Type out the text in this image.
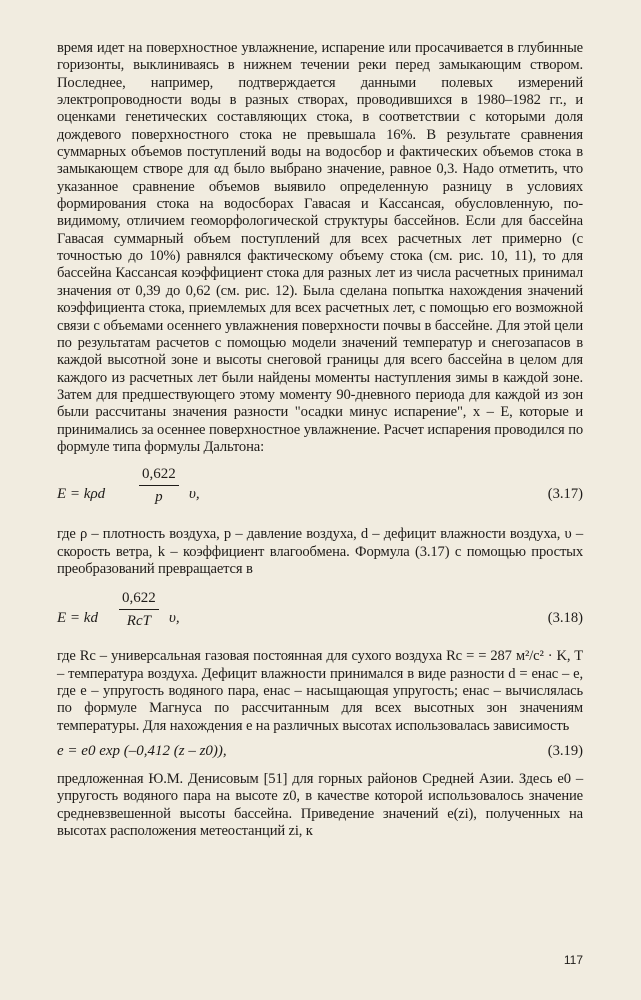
время идет на поверхностное увлажнение, испарение или просачивается в глубинные горизонты, выклиниваясь в нижнем течении реки перед замыкающим створом. Последнее, например, подтверждается данными полевых измерений электропроводности воды в разных створах, проводившихся в 1980–1982 гг., и оценками генетических составляющих стока, в соответствии с которыми доля дождевого поверхностного стока не превышала 16%. В результате сравнения суммарных объемов поступлений воды на водосбор и фактических объемов стока в замыкающем створе для αд было выбрано значение, равное 0,3. Надо отметить, что указанное сравнение объемов выявило определенную разницу в условиях формирования стока на водосборах Гавасая и Кассансая, обусловленную, по-видимому, отличием геоморфологической структуры бассейнов. Если для бассейна Гавасая суммарный объем поступлений для всех расчетных лет примерно (с точностью до 10%) равнялся фактическому объему стока (см. рис. 10, 11), то для бассейна Кассансая коэффициент стока для разных лет из числа расчетных принимал значения от 0,39 до 0,62 (см. рис. 12). Была сделана попытка нахождения значений коэффициента стока, приемлемых для всех расчетных лет, с помощью его возможной связи с объемами осеннего увлажнения поверхности почвы в бассейне. Для этой цели по результатам расчетов с помощью модели значений температур и снегозапасов в каждой высотной зоне и высоты снеговой границы для всего бассейна в целом для каждого из расчетных лет были найдены моменты наступления зимы в каждой зоне. Затем для предшествующего этому моменту 90-дневного периода для каждой из зон были рассчитаны значения разности "осадки минус испарение", x – E, которые и принимались за осеннее поверхностное увлажнение. Расчет испарения проводился по формуле типа формулы Дальтона:

E = kρd $\frac{0,622}{p} \upsilon$,	(3.17)

где ρ – плотность воздуха, p – давление воздуха, d – дефицит влажности воздуха, υ – скорость ветра, k – коэффициент влагообмена. Формула (3.17) с помощью простых преобразований превращается в

E = kd
0,622
RcT	υ,	(3.18)

где Rc – универсальная газовая постоянная для сухого воздуха Rc = = 287 м²/с² · K, T – температура воздуха. Дефицит влажности принимался в виде разности d = eнас – e, где e – упругость водяного пара, eнас – насыщающая упругость; eнас – вычислялась по формуле Магнуса по рассчитанным для всех высотных зон значениям температуры. Для нахождения e на различных высотах использовалась зависимость

e = e0 exp (–0,412 (z – z0)),	(3.19)

предложенная Ю.М. Денисовым [51] для горных районов Средней Азии. Здесь e0 – упругость водяного пара на высоте z0, в качестве которой использовалось значение средневзвешенной высоты бассейна. Приведение значений e(zi), полученных на высотах расположения метеостанций zi, к

117
